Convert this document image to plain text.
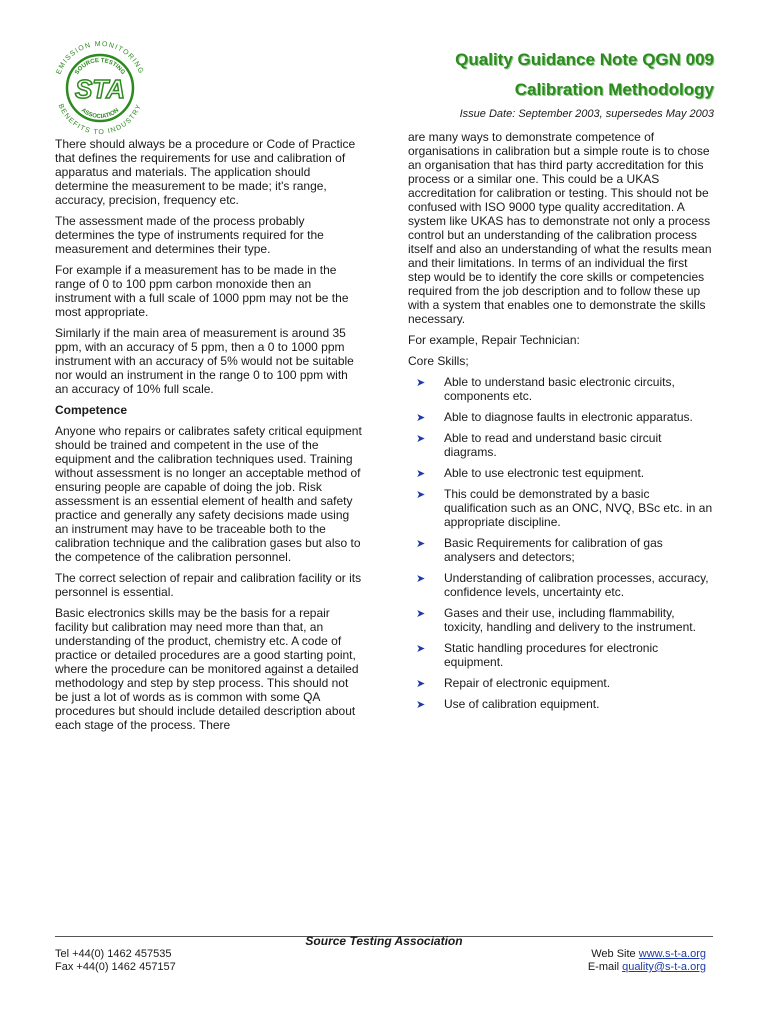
EMISSION MONITORING
BENEFITS TO INDUSTRY
SOURCE TESTING
ASSOCIATION
STA
Quality Guidance Note QGN 009
Calibration Methodology
Issue Date: September 2003, supersedes May 2003

There should always be a procedure or Code of Practice that defines the requirements for use and calibration of apparatus and materials. The application should determine the measurement to be made; it's range, accuracy, precision, frequency etc.

The assessment made of the process probably determines the type of instruments required for the measurement and determines their type.

For example if a measurement has to be made in the range of 0 to 100 ppm carbon monoxide then an instrument with a full scale of 1000 ppm may not be the most appropriate.

Similarly if the main area of measurement is around 35 ppm, with an accuracy of 5 ppm, then a 0 to 1000 ppm instrument with an accuracy of 5% would not be suitable nor would an instrument in the range 0 to 100 ppm with an accuracy of 10% full scale.

Competence

Anyone who repairs or calibrates safety critical equipment should be trained and competent in the use of the equipment and the calibration techniques used. Training without assessment is no longer an acceptable method of ensuring people are capable of doing the job. Risk assessment is an essential element of health and safety practice and generally any safety decisions made using an instrument may have to be traceable both to the calibration technique and the calibration gases but also to the competence of the calibration personnel.

The correct selection of repair and calibration facility or its personnel is essential.

Basic electronics skills may be the basis for a repair facility but calibration may need more than that, an understanding of the product, chemistry etc. A code of practice or detailed procedures are a good starting point, where the procedure can be monitored against a detailed methodology and step by step process. This should not be just a lot of words as is common with some QA procedures but should include detailed description about each stage of the process. There

are many ways to demonstrate competence of organisations in calibration but a simple route is to chose an organisation that has third party accreditation for this process or a similar one. This could be a UKAS accreditation for calibration or testing. This should not be confused with ISO 9000 type quality accreditation. A system like UKAS has to demonstrate not only a process control but an understanding of the calibration process itself and also an understanding of what the results mean and their limitations. In terms of an individual the first step would be to identify the core skills or competencies required from the job description and to follow these up with a system that enables one to demonstrate the skills necessary.

For example, Repair Technician:

Core Skills;

➤ Able to understand basic electronic circuits, components etc.
➤ Able to diagnose faults in electronic apparatus.
➤ Able to read and understand basic circuit diagrams.
➤ Able to use electronic test equipment.
➤ This could be demonstrated by a basic qualification such as an ONC, NVQ, BSc etc. in an appropriate discipline.
➤ Basic Requirements for calibration of gas analysers and detectors;
➤ Understanding of calibration processes, accuracy, confidence levels, uncertainty etc.
➤ Gases and their use, including flammability, toxicity, handling and delivery to the instrument.
➤ Static handling procedures for electronic equipment.
➤ Repair of electronic equipment.
➤ Use of calibration equipment.
Source Testing Association
Tel +44(0) 1462 457535
Fax +44(0) 1462 457157
Web Site www.s-t-a.org
E-mail quality@s-t-a.org
